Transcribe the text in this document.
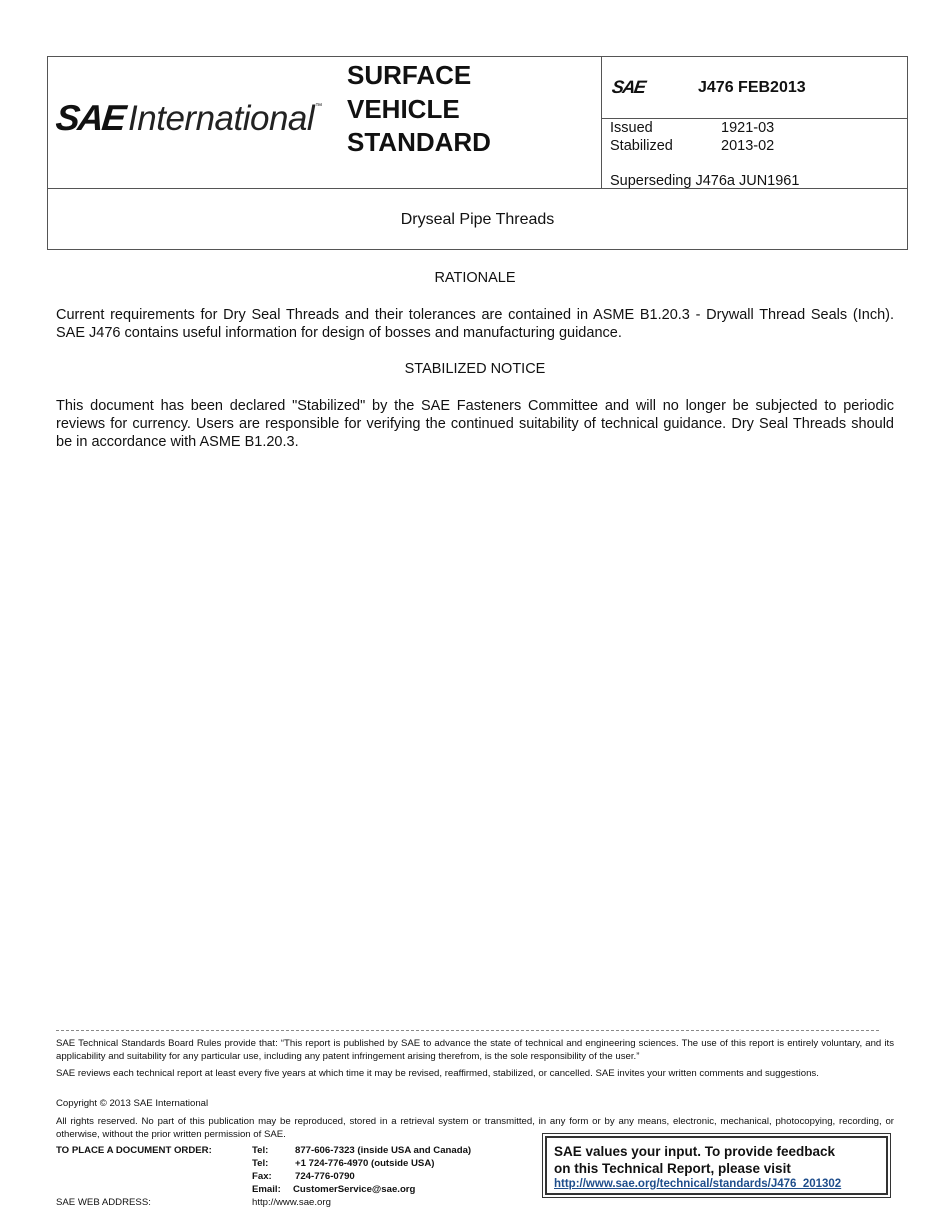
SAE International ™
SURFACE
VEHICLE
STANDARD
SAE	J476 FEB2013
Issued	1921-03
Stabilized	2013-02
Superseding J476a JUN1961
Dryseal Pipe Threads
RATIONALE
Current requirements for Dry Seal Threads and their tolerances are contained in ASME B1.20.3 - Drywall Thread Seals (Inch). SAE J476 contains useful information for design of bosses and manufacturing guidance.
STABILIZED NOTICE
This document has been declared "Stabilized" by the SAE Fasteners Committee and will no longer be subjected to periodic reviews for currency. Users are responsible for verifying the continued suitability of technical guidance. Dry Seal Threads should be in accordance with ASME B1.20.3.
SAE Technical Standards Board Rules provide that: “This report is published by SAE to advance the state of technical and engineering sciences. The use of this report is entirely voluntary, and its applicability and suitability for any particular use, including any patent infringement arising therefrom, is the sole responsibility of the user.”
SAE reviews each technical report at least every five years at which time it may be revised, reaffirmed, stabilized, or cancelled. SAE invites your written comments and suggestions.
Copyright © 2013 SAE International
All rights reserved. No part of this publication may be reproduced, stored in a retrieval system or transmitted, in any form or by any means, electronic, mechanical, photocopying, recording, or otherwise, without the prior written permission of SAE.
TO PLACE A DOCUMENT ORDER:	Tel:	877-606-7323 (inside USA and Canada)
Tel:	+1 724-776-4970 (outside USA)
Fax: 724-776-0790
Email: CustomerService@sae.org
SAE WEB ADDRESS:	http://www.sae.org
SAE values your input. To provide feedback
on this Technical Report, please visit
http://www.sae.org/technical/standards/J476_201302
